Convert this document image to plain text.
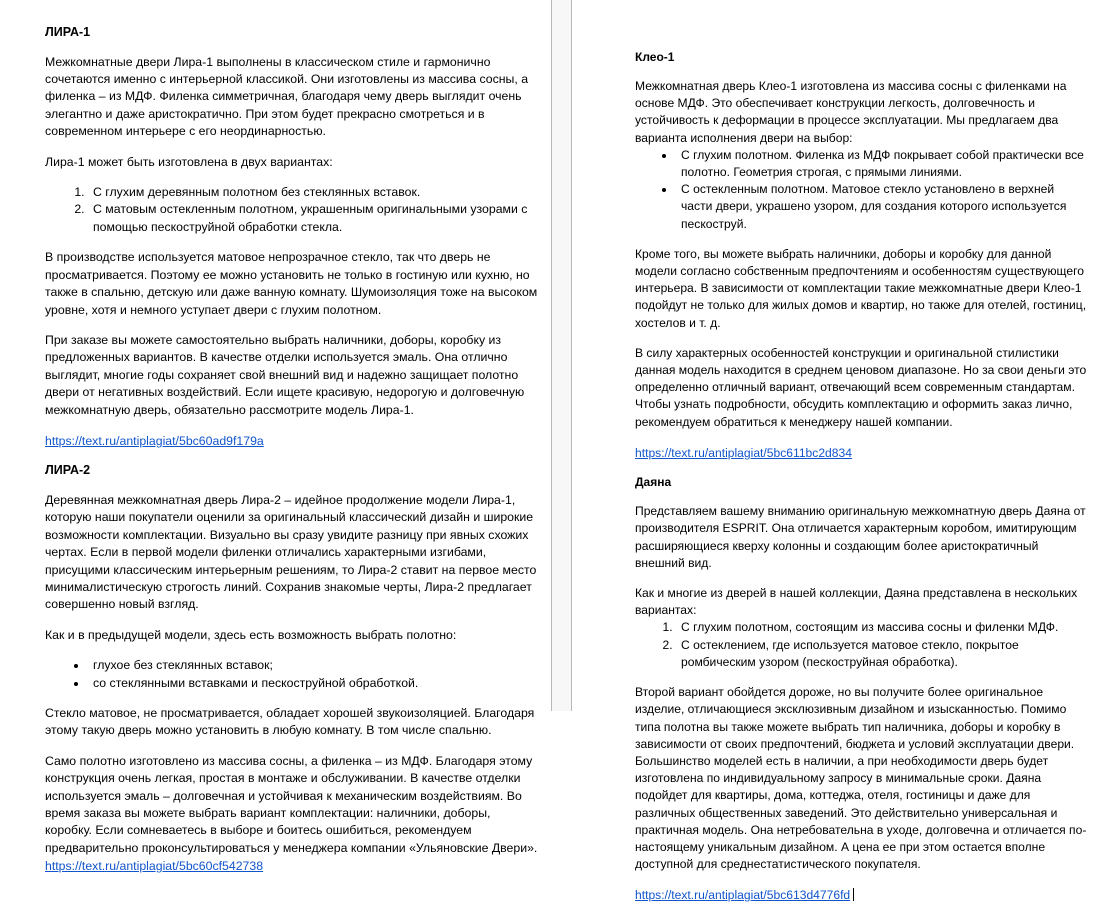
ЛИРА-1

Межкомнатные двери Лира-1 выполнены в классическом стиле и гармонично сочетаются именно с интерьерной классикой. Они изготовлены из массива сосны, а филенка – из МДФ. Филенка симметричная, благодаря чему дверь выглядит очень элегантно и даже аристократично. При этом будет прекрасно смотреться и в современном интерьере с его неординарностью.

Лира-1 может быть изготовлена в двух вариантах:

1. С глухим деревянным полотном без стеклянных вставок.
2. С матовым остекленным полотном, украшенным оригинальными узорами с помощью пескоструйной обработки стекла.

В производстве используется матовое непрозрачное стекло, так что дверь не просматривается. Поэтому ее можно установить не только в гостиную или кухню, но также в спальню, детскую или даже ванную комнату. Шумоизоляция тоже на высоком уровне, хотя и немного уступает двери с глухим полотном.

При заказе вы можете самостоятельно выбрать наличники, доборы, коробку из предложенных вариантов. В качестве отделки используется эмаль. Она отлично выглядит, многие годы сохраняет свой внешний вид и надежно защищает полотно двери от негативных воздействий. Если ищете красивую, недорогую и долговечную межкомнатную дверь, обязательно рассмотрите модель Лира-1.

https://text.ru/antiplagiat/5bc60ad9f179a

ЛИРА-2

Деревянная межкомнатная дверь Лира-2 – идейное продолжение модели Лира-1, которую наши покупатели оценили за оригинальный классический дизайн и широкие возможности комплектации. Визуально вы сразу увидите разницу при явных схожих чертах. Если в первой модели филенки отличались характерными изгибами, присущими классическим интерьерным решениям, то Лира-2 ставит на первое место минималистическую строгость линий. Сохранив знакомые черты, Лира-2 предлагает совершенно новый взгляд.

Как и в предыдущей модели, здесь есть возможность выбрать полотно:

• глухое без стеклянных вставок;
• со стеклянными вставками и пескоструйной обработкой.

Стекло матовое, не просматривается, обладает хорошей звукоизоляцией. Благодаря этому такую дверь можно установить в любую комнату. В том числе спальню.

Само полотно изготовлено из массива сосны, а филенка – из МДФ. Благодаря этому конструкция очень легкая, простая в монтаже и обслуживании. В качестве отделки используется эмаль – долговечная и устойчивая к механическим воздействиям. Во время заказа вы можете выбрать вариант комплектации: наличники, доборы, коробку. Если сомневаетесь в выборе и боитесь ошибиться, рекомендуем предварительно проконсультироваться у менеджера компании «Ульяновские Двери».

https://text.ru/antiplagiat/5bc60cf542738

Клео-1

Межкомнатная дверь Клео-1 изготовлена из массива сосны с филенками на основе МДФ. Это обеспечивает конструкции легкость, долговечность и устойчивость к деформации в процессе эксплуатации. Мы предлагаем два варианта исполнения двери на выбор:

• С глухим полотном. Филенка из МДФ покрывает собой практически все полотно. Геометрия строгая, с прямыми линиями.
• С остекленным полотном. Матовое стекло установлено в верхней части двери, украшено узором, для создания которого используется пескоструй.

Кроме того, вы можете выбрать наличники, доборы и коробку для данной модели согласно собственным предпочтениям и особенностям существующего интерьера. В зависимости от комплектации такие межкомнатные двери Клео-1 подойдут не только для жилых домов и квартир, но также для отелей, гостиниц, хостелов и т. д.

В силу характерных особенностей конструкции и оригинальной стилистики данная модель находится в среднем ценовом диапазоне. Но за свои деньги это определенно отличный вариант, отвечающий всем современным стандартам. Чтобы узнать подробности, обсудить комплектацию и оформить заказ лично, рекомендуем обратиться к менеджеру нашей компании.

https://text.ru/antiplagiat/5bc611bc2d834

Даяна

Представляем вашему вниманию оригинальную межкомнатную дверь Даяна от производителя ESPRIT. Она отличается характерным коробом, имитирующим расширяющиеся кверху колонны и создающим более аристократичный внешний вид.

Как и многие из дверей в нашей коллекции, Даяна представлена в нескольких вариантах:

1. С глухим полотном, состоящим из массива сосны и филенки МДФ.
2. С остеклением, где используется матовое стекло, покрытое ромбическим узором (пескоструйная обработка).

Второй вариант обойдется дороже, но вы получите более оригинальное изделие, отличающиеся эксклюзивным дизайном и изысканностью. Помимо типа полотна вы также можете выбрать тип наличника, доборы и коробку в зависимости от своих предпочтений, бюджета и условий эксплуатации двери. Большинство моделей есть в наличии, а при необходимости дверь будет изготовлена по индивидуальному запросу в минимальные сроки. Даяна подойдет для квартиры, дома, коттеджа, отеля, гостиницы и даже для различных общественных заведений. Это действительно универсальная и практичная модель. Она нетребовательна в уходе, долговечна и отличается по-настоящему уникальным дизайном. А цена ее при этом остается вполне доступной для среднестатистического покупателя.

https://text.ru/antiplagiat/5bc613d4776fd
